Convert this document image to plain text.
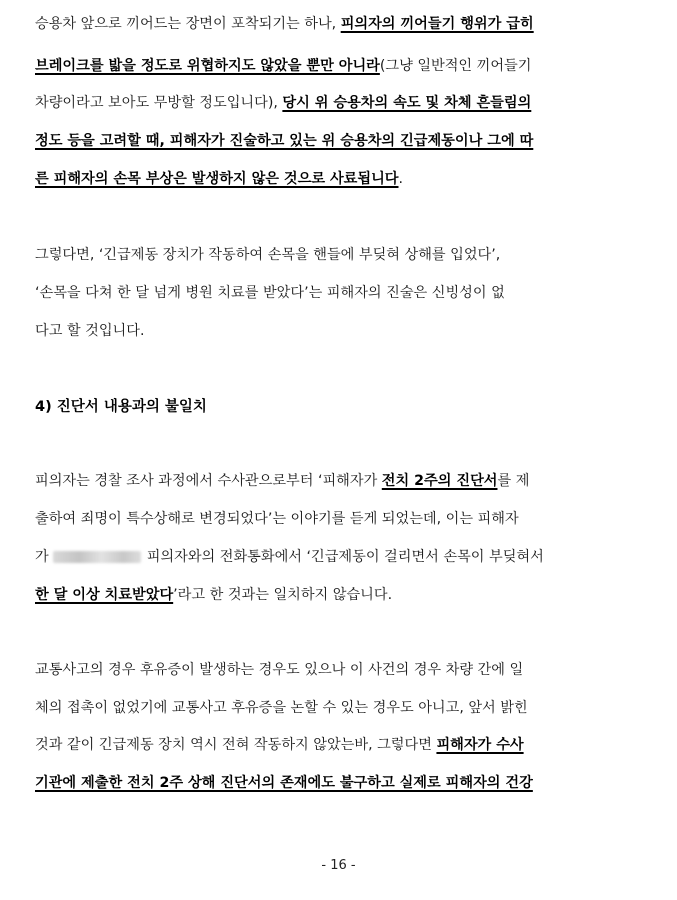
승용차 앞으로 끼어드는 장면이 포착되기는 하나, 피의자의 끼어들기 행위가 급히
브레이크를 밟을 정도로 위협하지도 않았을 뿐만 아니라(그냥 일반적인 끼어들기
차량이라고 보아도 무방할 정도입니다), 당시 위 승용차의 속도 및 차체 흔들림의
정도 등을 고려할 때, 피해자가 진술하고 있는 위 승용차의 긴급제동이나 그에 따
른 피해자의 손목 부상은 발생하지 않은 것으로 사료됩니다.
그렇다면, ‘긴급제동 장치가 작동하여 손목을 핸들에 부딪혀 상해를 입었다’,
‘손목을 다쳐 한 달 넘게 병원 치료를 받았다’는 피해자의 진술은 신빙성이 없
다고 할 것입니다.
4) 진단서 내용과의 불일치
피의자는 경찰 조사 과정에서 수사관으로부터 ‘피해자가 전치 2주의 진단서를 제
출하여 죄명이 특수상해로 변경되었다’는 이야기를 듣게 되었는데, 이는 피해자
가	피의자와의 전화통화에서 ‘긴급제동이 걸리면서 손목이 부딪혀서
한 달 이상 치료받았다’라고 한 것과는 일치하지 않습니다.
교통사고의 경우 후유증이 발생하는 경우도 있으나 이 사건의 경우 차량 간에 일
체의 접촉이 없었기에 교통사고 후유증을 논할 수 있는 경우도 아니고, 앞서 밝힌
것과 같이 긴급제동 장치 역시 전혀 작동하지 않았는바, 그렇다면 피해자가 수사
기관에 제출한 전치 2주 상해 진단서의 존재에도 불구하고 실제로 피해자의 건강
- 16 -
